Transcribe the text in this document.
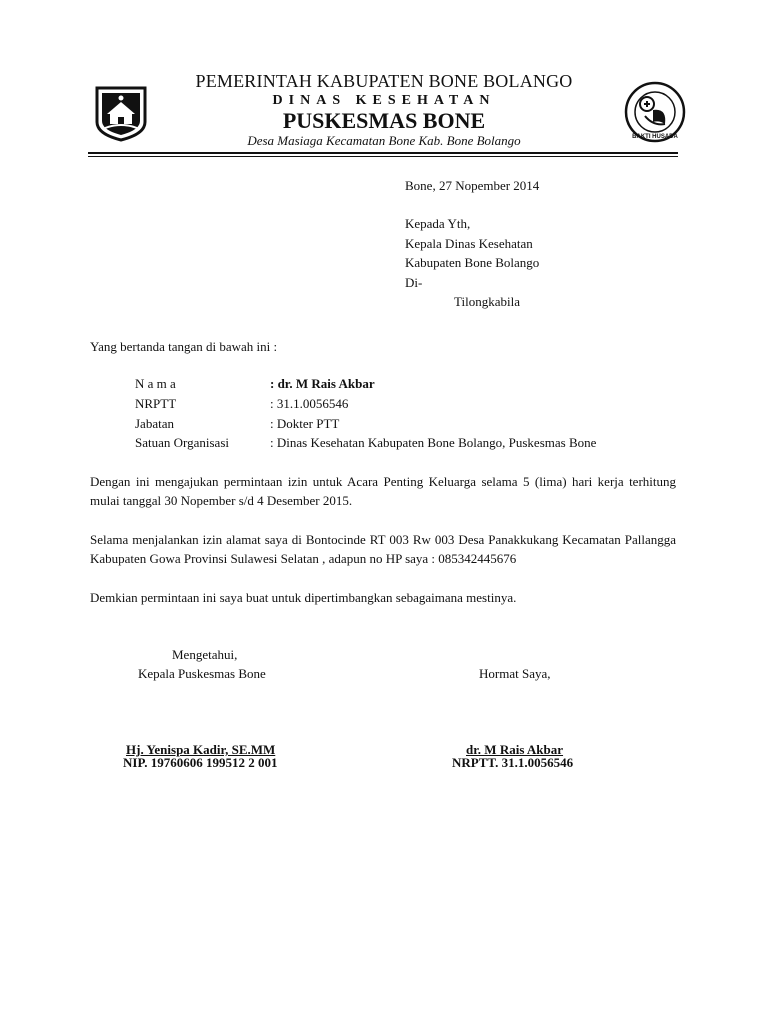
BAKTI HUSADA
PEMERINTAH KABUPATEN BONE BOLANGO
DINAS KESEHATAN
PUSKESMAS BONE
Desa Masiaga Kecamatan Bone Kab. Bone Bolango
Bone, 27 Nopember 2014
Kepada Yth,
Kepala Dinas Kesehatan
Kabupaten Bone Bolango
Di-
Tilongkabila
Yang bertanda tangan di bawah ini :
N a m a	: dr. M Rais Akbar
NRPTT	: 31.1.0056546
Jabatan	: Dokter PTT
Satuan Organisasi	: Dinas Kesehatan Kabupaten Bone Bolango, Puskesmas Bone
Dengan ini mengajukan permintaan izin untuk Acara Penting Keluarga selama 5 (lima) hari kerja terhitung mulai tanggal 30 Nopember s/d 4 Desember 2015.
Selama menjalankan izin alamat saya di Bontocinde RT 003 Rw 003 Desa Panakkukang Kecamatan Pallangga Kabupaten Gowa Provinsi Sulawesi Selatan , adapun no HP saya : 085342445676
Demkian permintaan ini saya buat untuk dipertimbangkan sebagaimana mestinya.
Mengetahui,
Kepala Puskesmas Bone	Hormat Saya,
Hj. Yenispa Kadir, SE.MM
NIP. 19760606 199512 2 001
dr. M Rais Akbar
NRPTT. 31.1.0056546
